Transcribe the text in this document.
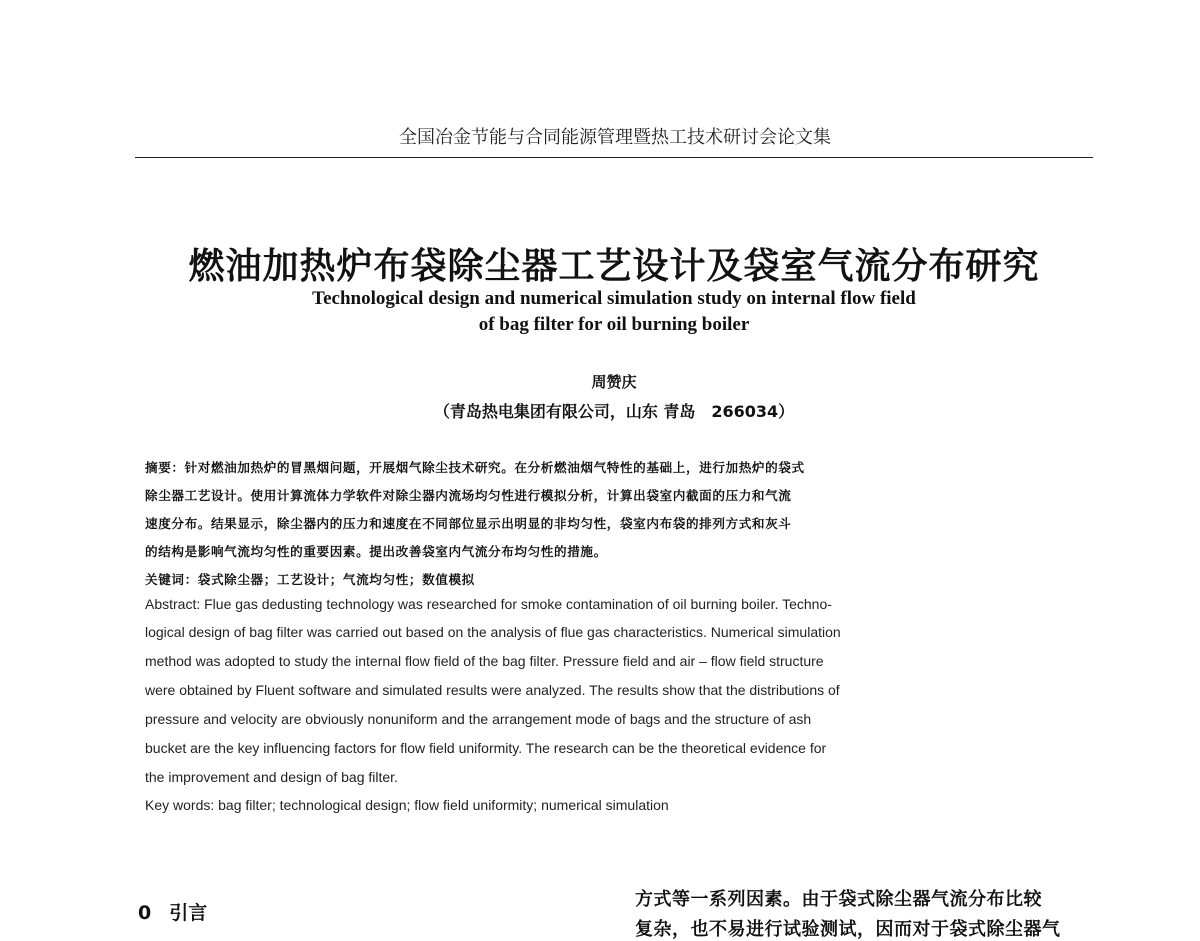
全国冶金节能与合同能源管理暨热工技术研讨会论文集
燃油加热炉布袋除尘器工艺设计及袋室气流分布研究
Technological design and numerical simulation study on internal flow field
of bag filter for oil burning boiler
周赞庆
（青岛热电集团有限公司，山东 青岛　266034）
摘要：针对燃油加热炉的冒黑烟问题，开展烟气除尘技术研究。在分析燃油烟气特性的基础上，进行加热炉的袋式
除尘器工艺设计。使用计算流体力学软件对除尘器内流场均匀性进行模拟分析，计算出袋室内截面的压力和气流
速度分布。结果显示，除尘器内的压力和速度在不同部位显示出明显的非均匀性，袋室内布袋的排列方式和灰斗
的结构是影响气流均匀性的重要因素。提出改善袋室内气流分布均匀性的措施。
关键词：袋式除尘器；工艺设计；气流均匀性；数值模拟
Abstract: Flue gas dedusting technology was researched for smoke contamination of oil burning boiler. Techno-
logical design of bag filter was carried out based on the analysis of flue gas characteristics. Numerical simulation
method was adopted to study the internal flow field of the bag filter. Pressure field and air – flow field structure
were obtained by Fluent software and simulated results were analyzed. The results show that the distributions of
pressure and velocity are obviously nonuniform and the arrangement mode of bags and the structure of ash
bucket are the key influencing factors for flow field uniformity. The research can be the theoretical evidence for
the improvement and design of bag filter.
Key words: bag filter; technological design; flow field uniformity; numerical simulation
0 引言
方式等一系列因素。由于袋式除尘器气流分布比较
复杂，也不易进行试验测试，因而对于袋式除尘器气
